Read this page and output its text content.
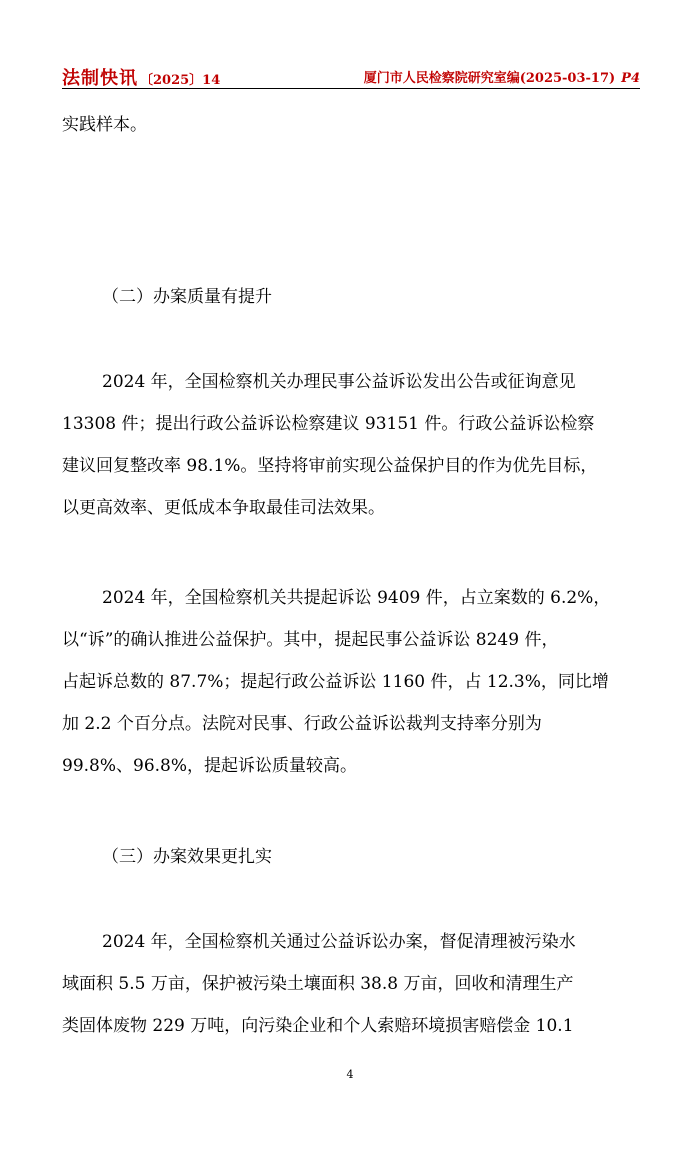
法制快讯 〔2025〕14	厦门市人民检察院研究室编(2025-03-17) P4
实践样本。
（二）办案质量有提升
2024 年，全国检察机关办理民事公益诉讼发出公告或征询意见
13308 件；提出行政公益诉讼检察建议 93151 件。行政公益诉讼检察
建议回复整改率 98.1%。坚持将审前实现公益保护目的作为优先目标，
以更高效率、更低成本争取最佳司法效果。
2024 年，全国检察机关共提起诉讼 9409 件，占立案数的 6.2%，
以“诉”的确认推进公益保护。其中，提起民事公益诉讼 8249 件，
占起诉总数的 87.7%；提起行政公益诉讼 1160 件，占 12.3%，同比增
加 2.2 个百分点。法院对民事、行政公益诉讼裁判支持率分别为
99.8%、96.8%，提起诉讼质量较高。
（三）办案效果更扎实
2024 年，全国检察机关通过公益诉讼办案，督促清理被污染水
域面积 5.5 万亩，保护被污染土壤面积 38.8 万亩，回收和清理生产
类固体废物 229 万吨，向污染企业和个人索赔环境损害赔偿金 10.1
4
